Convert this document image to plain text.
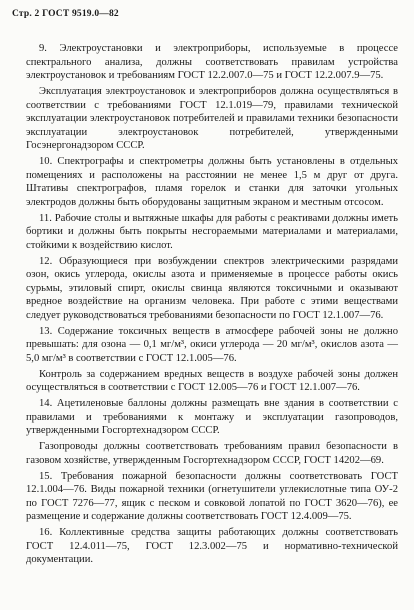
Стр. 2 ГОСТ 9519.0—82

9. Электроустановки и электроприборы, используемые в процессе спектрального анализа, должны соответствовать правилам устройства электроустановок и требованиям ГОСТ 12.2.007.0—75 и ГОСТ 12.2.007.9—75.

Эксплуатация электроустановок и электроприборов должна осуществляться в соответствии с требованиями ГОСТ 12.1.019—79, правилами технической эксплуатации электроустановок потребителей и правилами техники безопасности эксплуатации электроустановок потребителей, утвержденными Госэнергонадзором СССР.

10. Спектрографы и спектрометры должны быть установлены в отдельных помещениях и расположены на расстоянии не менее 1,5 м друг от друга. Штативы спектрографов, пламя горелок и станки для заточки угольных электродов должны быть оборудованы защитным экраном и местным отсосом.

11. Рабочие столы и вытяжные шкафы для работы с реактивами должны иметь бортики и должны быть покрыты несгораемыми материалами и материалами, стойкими к воздействию кислот.

12. Образующиеся при возбуждении спектров электрическими разрядами озон, окись углерода, окислы азота и применяемые в процессе работы окись сурьмы, этиловый спирт, окислы свинца являются токсичными и оказывают вредное воздействие на организм человека. При работе с этими веществами следует руководствоваться требованиями безопасности по ГОСТ 12.1.007—76.

13. Содержание токсичных веществ в атмосфере рабочей зоны не должно превышать: для озона — 0,1 мг/м³, окиси углерода — 20 мг/м³, окислов азота — 5,0 мг/м³ в соответствии с ГОСТ 12.1.005—76.

Контроль за содержанием вредных веществ в воздухе рабочей зоны должен осуществляться в соответствии с ГОСТ 12.005—76 и ГОСТ 12.1.007—76.

14. Ацетиленовые баллоны должны размещать вне здания в соответствии с правилами и требованиями к монтажу и эксплуатации газопроводов, утвержденными Госгортехнадзором СССР.

Газопроводы должны соответствовать требованиям правил безопасности в газовом хозяйстве, утвержденным Госгортехнадзором СССР, ГОСТ 14202—69.

15. Требования пожарной безопасности должны соответствовать ГОСТ 12.1.004—76. Виды пожарной техники (огнетушители углекислотные типа ОУ-2 по ГОСТ 7276—77, ящик с песком и совковой лопатой по ГОСТ 3620—76), ее размещение и содержание должны соответствовать ГОСТ 12.4.009—75.

16. Коллективные средства защиты работающих должны соответствовать ГОСТ 12.4.011—75, ГОСТ 12.3.002—75 и нормативно-технической документации.
